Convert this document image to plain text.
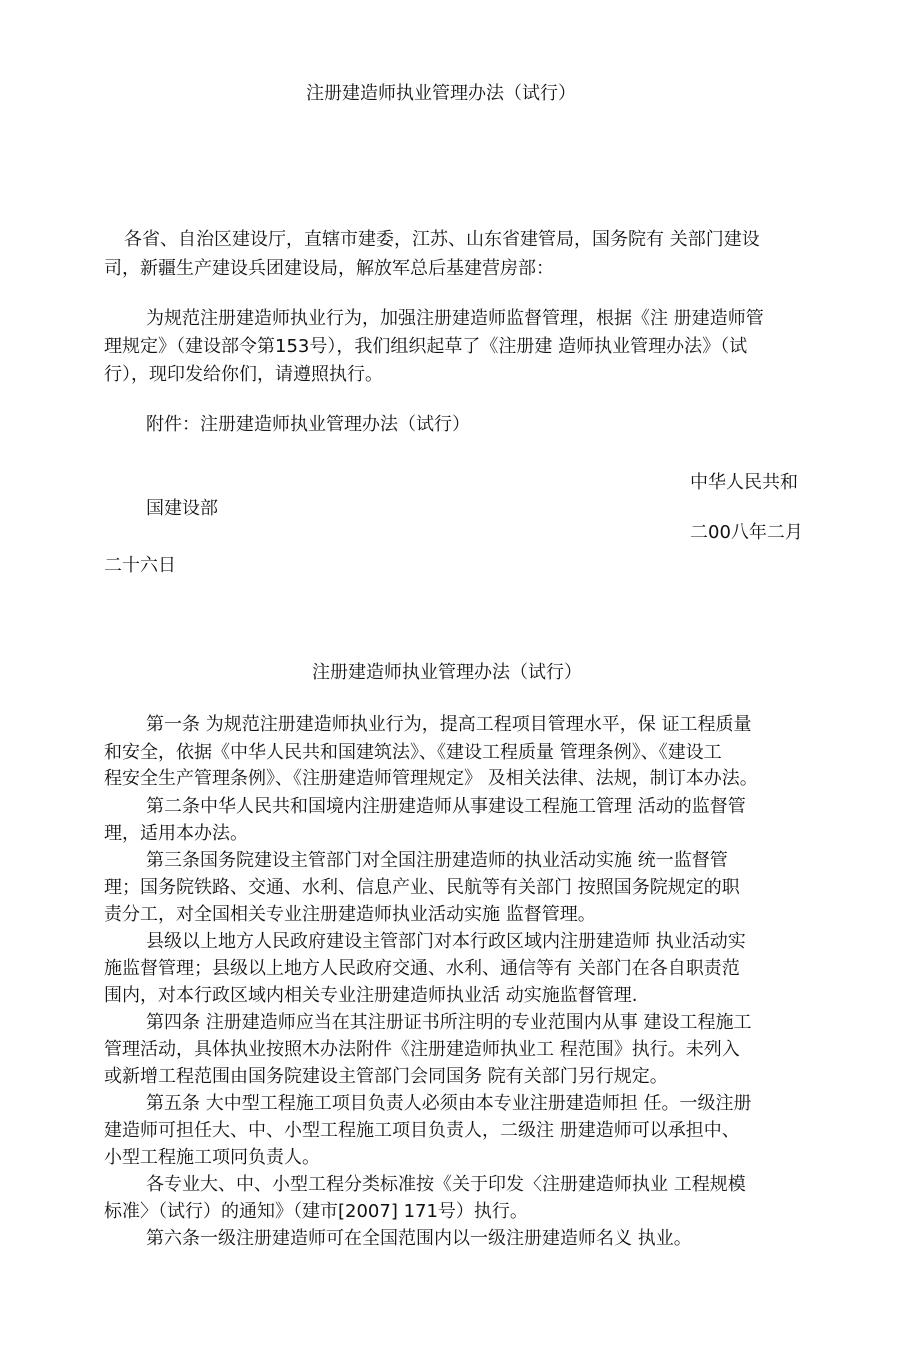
注册建造师执业管理办法（试行）

各省、自治区建设厅，直辖市建委，江苏、山东省建管局，国务院有 关部门建设

司，新疆生产建设兵团建设局，解放军总后基建营房部：

为规范注册建造师执业行为，加强注册建造师监督管理，根据《注 册建造师管

理规定》（建设部令第153号），我们组织起草了《注册建 造师执业管理办法》（试

行），现印发给你们，请遵照执行。

附件：注册建造师执业管理办法（试行）

中华人民共和

国建设部

二00八年二月

二十六日

注册建造师执业管理办法（试行）

第一条 为规范注册建造师执业行为，提高工程项目管理水平，保 证工程质量

和安全，依据《中华人民共和国建筑法》、《建设工程质量 管理条例》、《建设工

程安全生产管理条例》、《注册建造师管理规定》 及相关法律、法规，制订本办法。

第二条中华人民共和国境内注册建造师从事建设工程施工管理 活动的监督管

理，适用本办法。

第三条国务院建设主管部门对全国注册建造师的执业活动实施 统一监督管

理；国务院铁路、交通、水利、信息产业、民航等有关部门 按照国务院规定的职

责分工，对全国相关专业注册建造师执业活动实施 监督管理。

县级以上地方人民政府建设主管部门对本行政区域内注册建造师 执业活动实

施监督管理；县级以上地方人民政府交通、水利、通信等有 关部门在各自职责范

围内，对本行政区域内相关专业注册建造师执业活 动实施监督管理.

第四条 注册建造师应当在其注册证书所注明的专业范围内从事 建设工程施工

管理活动，具体执业按照木办法附件《注册建造师执业工 程范围》执行。未列入

或新增工程范围由国务院建设主管部门会同国务 院有关部门另行规定。

第五条 大中型工程施工项目负责人必须由本专业注册建造师担 任。一级注册

建造师可担任大、中、小型工程施工项目负责人，二级注 册建造师可以承担中、

小型工程施工项冋负责人。

各专业大、中、小型工程分类标准按《关于印发〈注册建造师执业 工程规模

标准〉（试行）的通知》（建市[2007] 171号）执行。

第六条一级注册建造师可在全国范围内以一级注册建造师名义 执业。
